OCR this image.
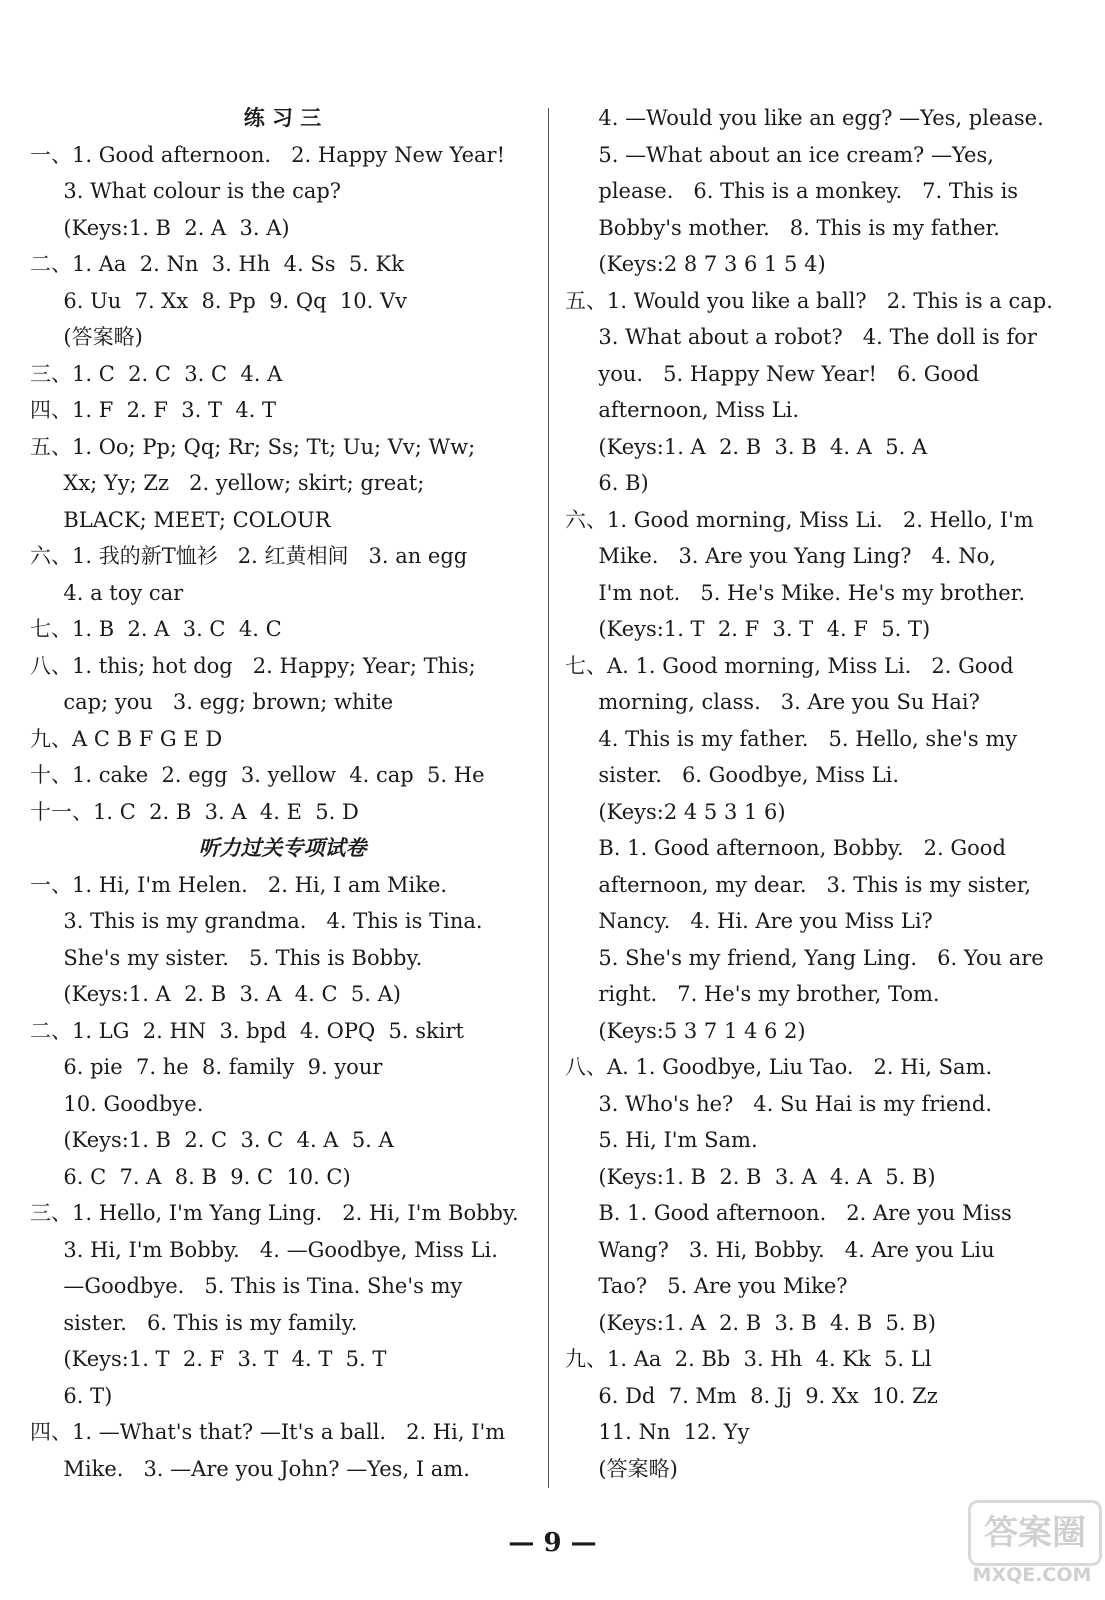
练 习 三
一、1. Good afternoon.   2. Happy New Year!
3. What colour is the cap?
(Keys:1. B  2. A  3. A)
二、1. Aa  2. Nn  3. Hh  4. Ss  5. Kk
6. Uu  7. Xx  8. Pp  9. Qq  10. Vv
(答案略)
三、1. C  2. C  3. C  4. A
四、1. F  2. F  3. T  4. T
五、1. Oo; Pp; Qq; Rr; Ss; Tt; Uu; Vv; Ww;
Xx; Yy; Zz   2. yellow; skirt; great;
BLACK; MEET; COLOUR
六、1. 我的新T恤衫   2. 红黄相间   3. an egg
4. a toy car
七、1. B  2. A  3. C  4. C
八、1. this; hot dog   2. Happy; Year; This;
cap; you   3. egg; brown; white
九、A C B F G E D
十、1. cake  2. egg  3. yellow  4. cap  5. He
十一、1. C  2. B  3. A  4. E  5. D
听力过关专项试卷
一、1. Hi, I'm Helen.   2. Hi, I am Mike.
3. This is my grandma.   4. This is Tina.
She's my sister.   5. This is Bobby.
(Keys:1. A  2. B  3. A  4. C  5. A)
二、1. LG  2. HN  3. bpd  4. OPQ  5. skirt
6. pie  7. he  8. family  9. your
10. Goodbye.
(Keys:1. B  2. C  3. C  4. A  5. A
6. C  7. A  8. B  9. C  10. C)
三、1. Hello, I'm Yang Ling.   2. Hi, I'm Bobby.
3. Hi, I'm Bobby.   4. —Goodbye, Miss Li.
—Goodbye.   5. This is Tina. She's my
sister.   6. This is my family.
(Keys:1. T  2. F  3. T  4. T  5. T
6. T)
四、1. —What's that? —It's a ball.   2. Hi, I'm
Mike.   3. —Are you John? —Yes, I am.
4. —Would you like an egg? —Yes, please.
5. —What about an ice cream? —Yes,
please.   6. This is a monkey.   7. This is
Bobby's mother.   8. This is my father.
(Keys:2 8 7 3 6 1 5 4)
五、1. Would you like a ball?   2. This is a cap.
3. What about a robot?   4. The doll is for
you.   5. Happy New Year!   6. Good
afternoon, Miss Li.
(Keys:1. A  2. B  3. B  4. A  5. A
6. B)
六、1. Good morning, Miss Li.   2. Hello, I'm
Mike.   3. Are you Yang Ling?   4. No,
I'm not.   5. He's Mike. He's my brother.
(Keys:1. T  2. F  3. T  4. F  5. T)
七、A. 1. Good morning, Miss Li.   2. Good
morning, class.   3. Are you Su Hai?
4. This is my father.   5. Hello, she's my
sister.   6. Goodbye, Miss Li.
(Keys:2 4 5 3 1 6)
B. 1. Good afternoon, Bobby.   2. Good
afternoon, my dear.   3. This is my sister,
Nancy.   4. Hi. Are you Miss Li?
5. She's my friend, Yang Ling.   6. You are
right.   7. He's my brother, Tom.
(Keys:5 3 7 1 4 6 2)
八、A. 1. Goodbye, Liu Tao.   2. Hi, Sam.
3. Who's he?   4. Su Hai is my friend.
5. Hi, I'm Sam.
(Keys:1. B  2. B  3. A  4. A  5. B)
B. 1. Good afternoon.   2. Are you Miss
Wang?   3. Hi, Bobby.   4. Are you Liu
Tao?   5. Are you Mike?
(Keys:1. A  2. B  3. B  4. B  5. B)
九、1. Aa  2. Bb  3. Hh  4. Kk  5. Ll
6. Dd  7. Mm  8. Jj  9. Xx  10. Zz
11. Nn  12. Yy
(答案略)
— 9 —	答案圈
MXQE.COM
